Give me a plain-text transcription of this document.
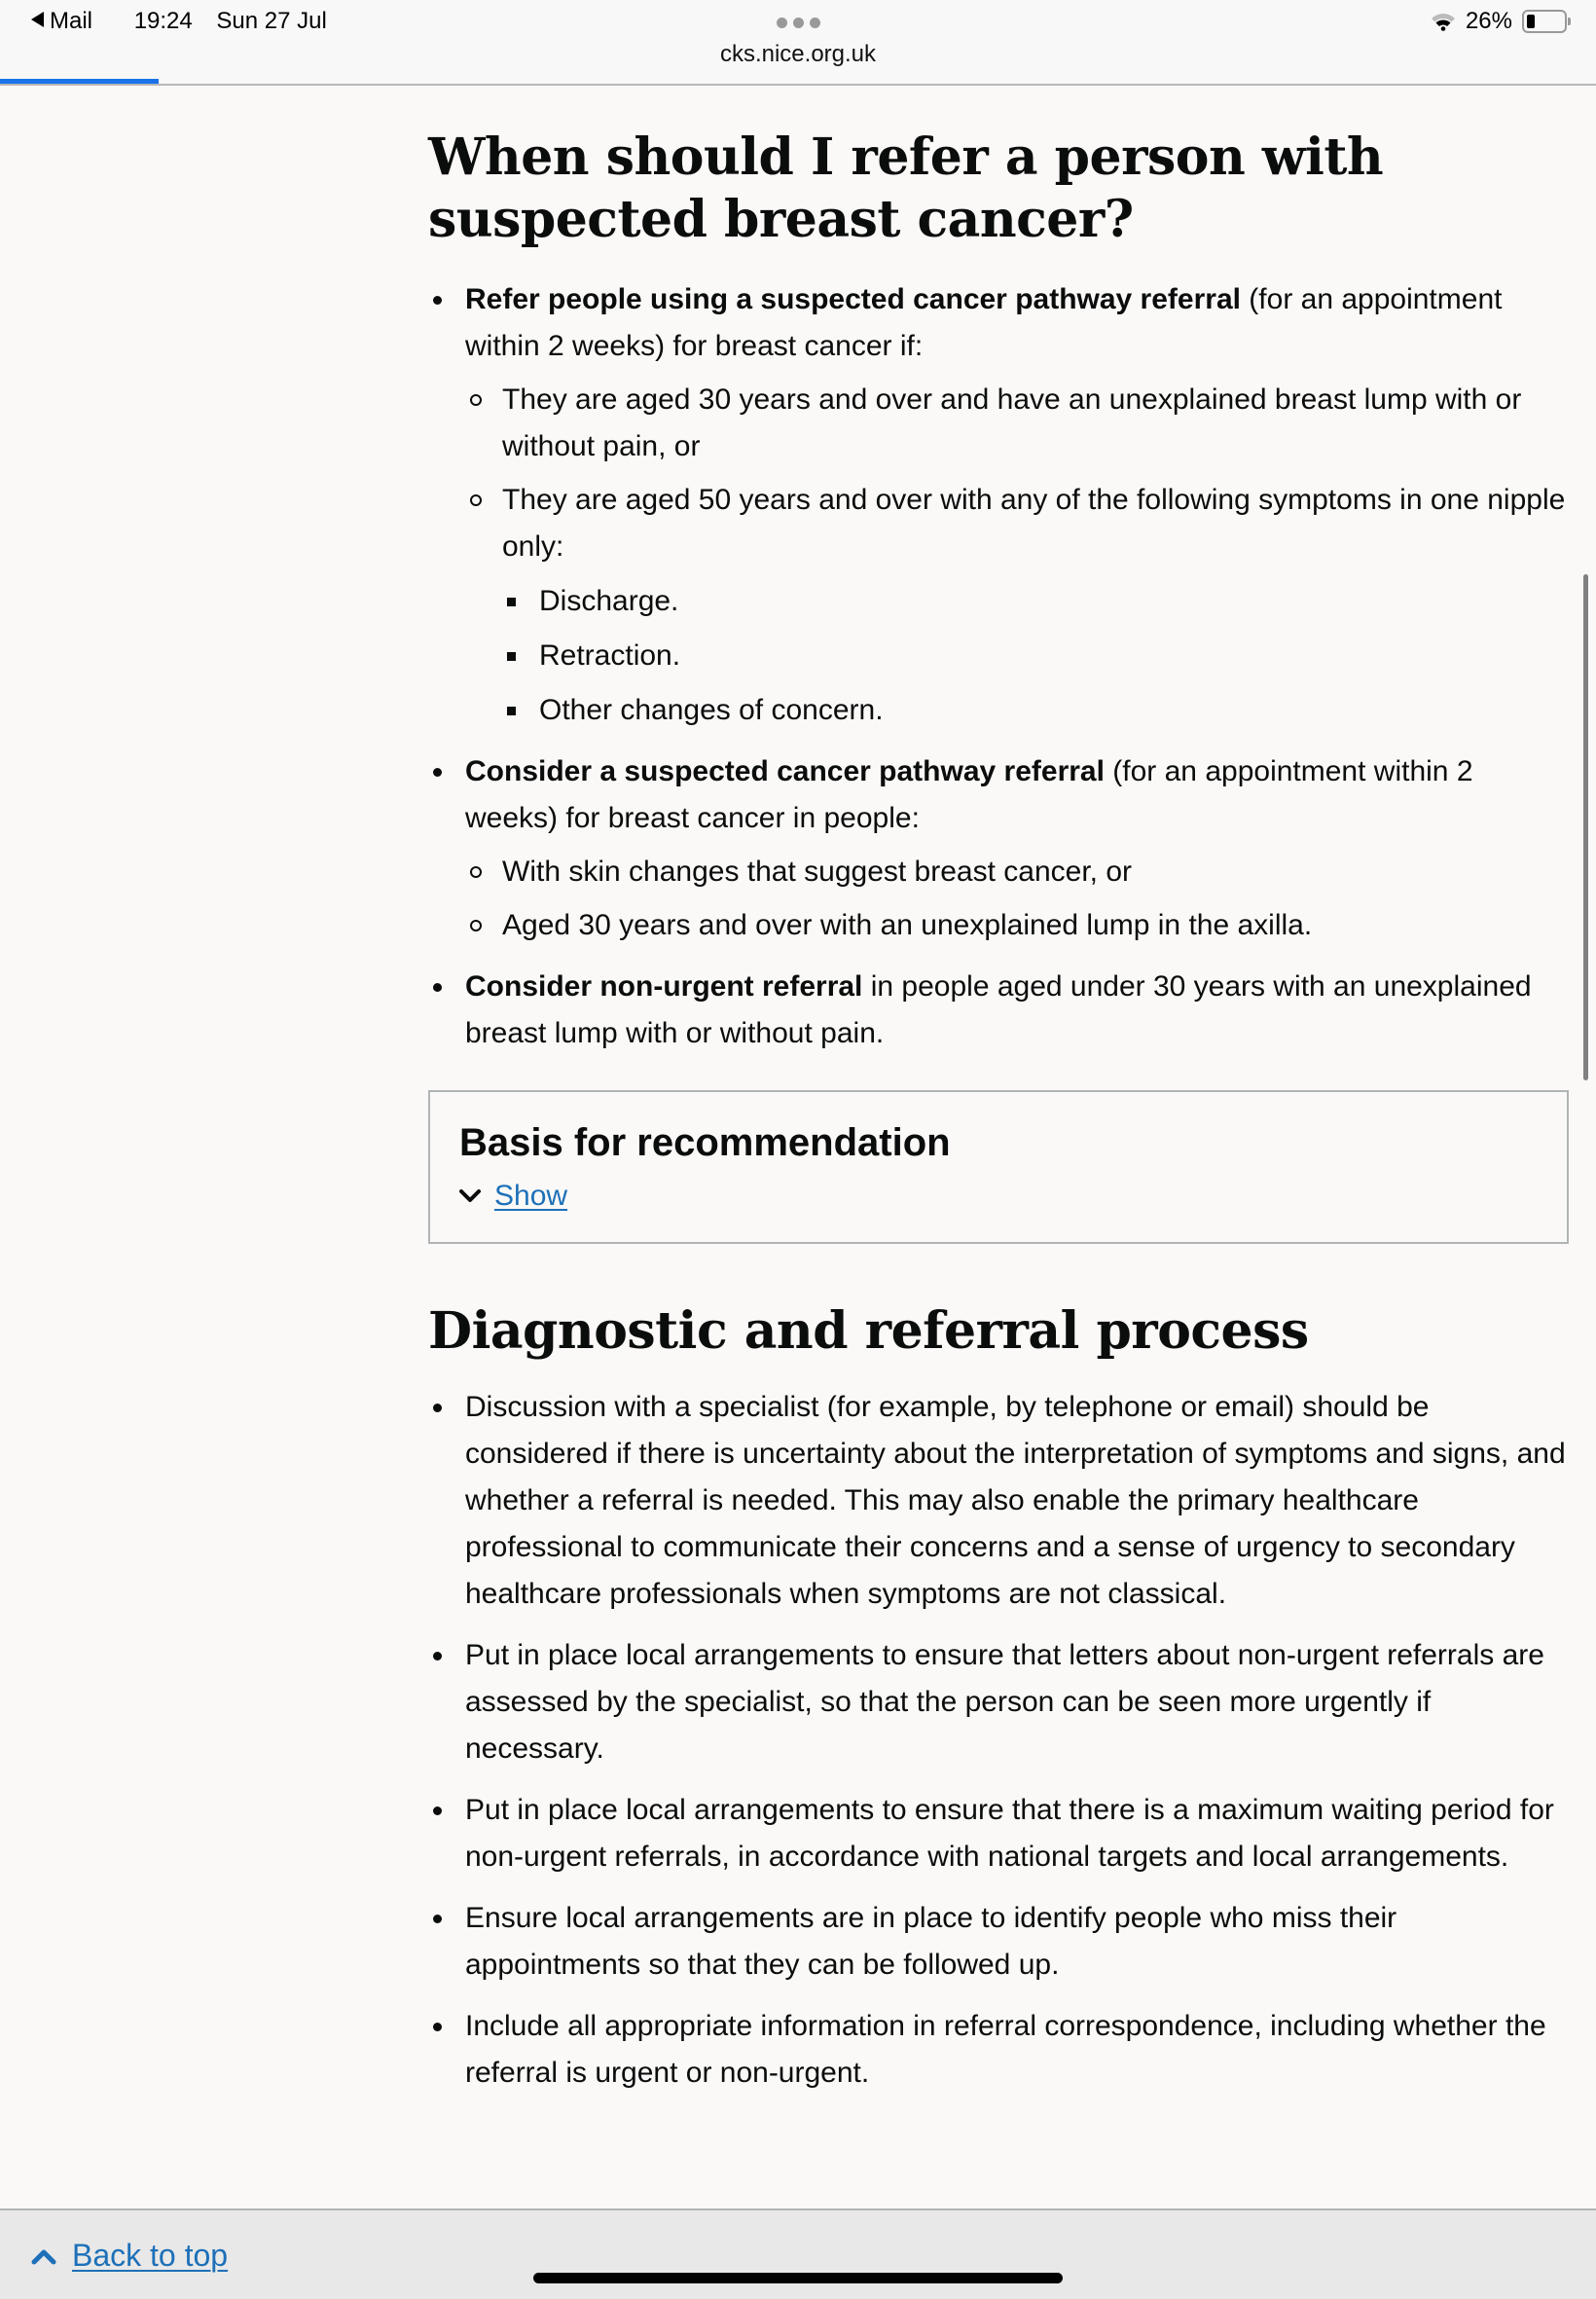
Mail 19:24 Sun 27 Jul
cks.nice.org.uk
26%
When should I refer a person with suspected breast cancer?
Refer people using a suspected cancer pathway referral (for an appointment within 2 weeks) for breast cancer if:
They are aged 30 years and over and have an unexplained breast lump with or without pain, or
They are aged 50 years and over with any of the following symptoms in one nipple only:
Discharge.
Retraction.
Other changes of concern.
Consider a suspected cancer pathway referral (for an appointment within 2 weeks) for breast cancer in people:
With skin changes that suggest breast cancer, or
Aged 30 years and over with an unexplained lump in the axilla.
Consider non-urgent referral in people aged under 30 years with an unexplained breast lump with or without pain.
Basis for recommendation
Show
Diagnostic and referral process
Discussion with a specialist (for example, by telephone or email) should be considered if there is uncertainty about the interpretation of symptoms and signs, and whether a referral is needed. This may also enable the primary healthcare professional to communicate their concerns and a sense of urgency to secondary healthcare professionals when symptoms are not classical.
Put in place local arrangements to ensure that letters about non-urgent referrals are assessed by the specialist, so that the person can be seen more urgently if necessary.
Put in place local arrangements to ensure that there is a maximum waiting period for non-urgent referrals, in accordance with national targets and local arrangements.
Ensure local arrangements are in place to identify people who miss their appointments so that they can be followed up.
Include all appropriate information in referral correspondence, including whether the referral is urgent or non-urgent.
Back to top
